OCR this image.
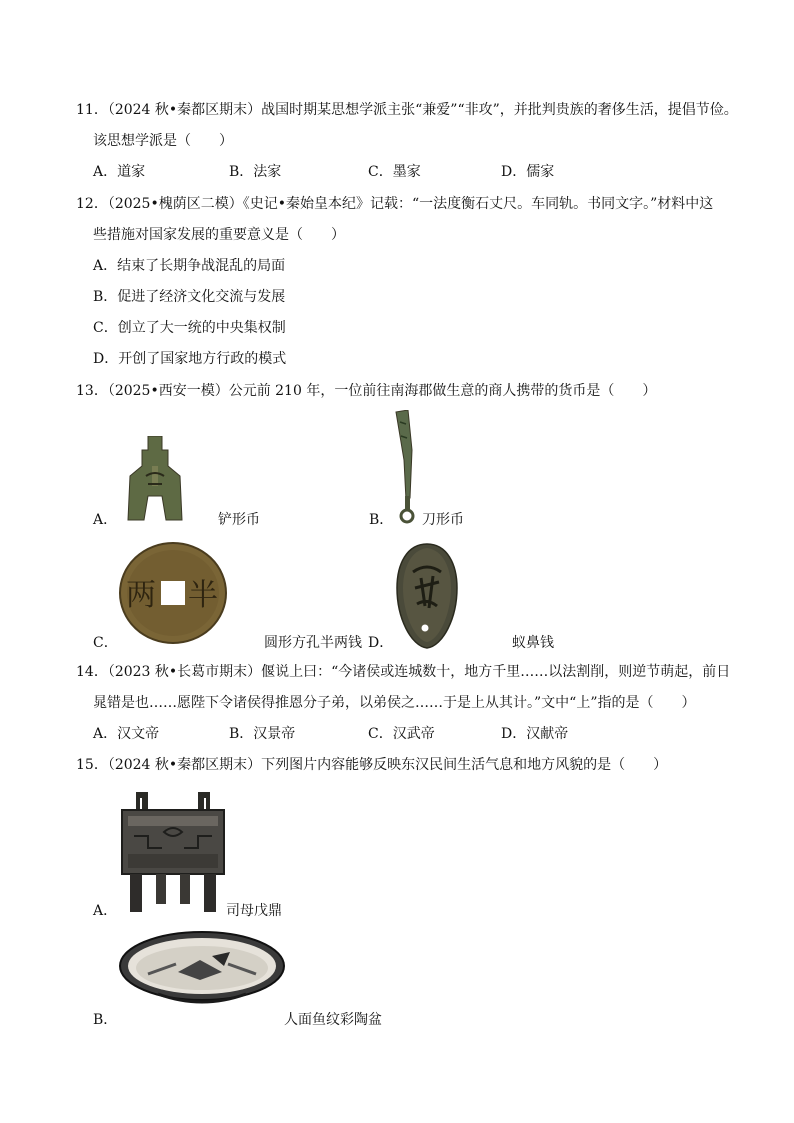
11．（2024 秋•秦都区期末）战国时期某思想学派主张“兼爱”“非攻”，并批判贵族的奢侈生活，提倡节俭。
该思想学派是（　　）
A．道家	B．法家	C．墨家	D．儒家
12．（2025•槐荫区二模）《史记•秦始皇本纪》记载：“一法度衡石丈尺。车同轨。书同文字。”材料中这
些措施对国家发展的重要意义是（　　）
A．结束了长期争战混乱的局面
B．促进了经济文化交流与发展
C．创立了大一统的中央集权制
D．开创了国家地方行政的模式
13．（2025•西安一模）公元前 210 年，一位前往南海郡做生意的商人携带的货币是（　　）
A．	铲形币	B． 刀形币
两 半
C．	圆形方孔半两钱 D．	蚁鼻钱
14．（2023 秋•长葛市期末）偃说上曰：“今诸侯或连城数十，地方千里……以法割削，则逆节萌起，前日
晁错是也……愿陛下令诸侯得推恩分子弟，以弟侯之……于是上从其计。”文中“上”指的是（　　）
A．汉文帝	B．汉景帝	C．汉武帝	D．汉献帝
15．（2024 秋•秦都区期末）下列图片内容能够反映东汉民间生活气息和地方风貌的是（　　）
A．	司母戊鼎
B．	人面鱼纹彩陶盆
